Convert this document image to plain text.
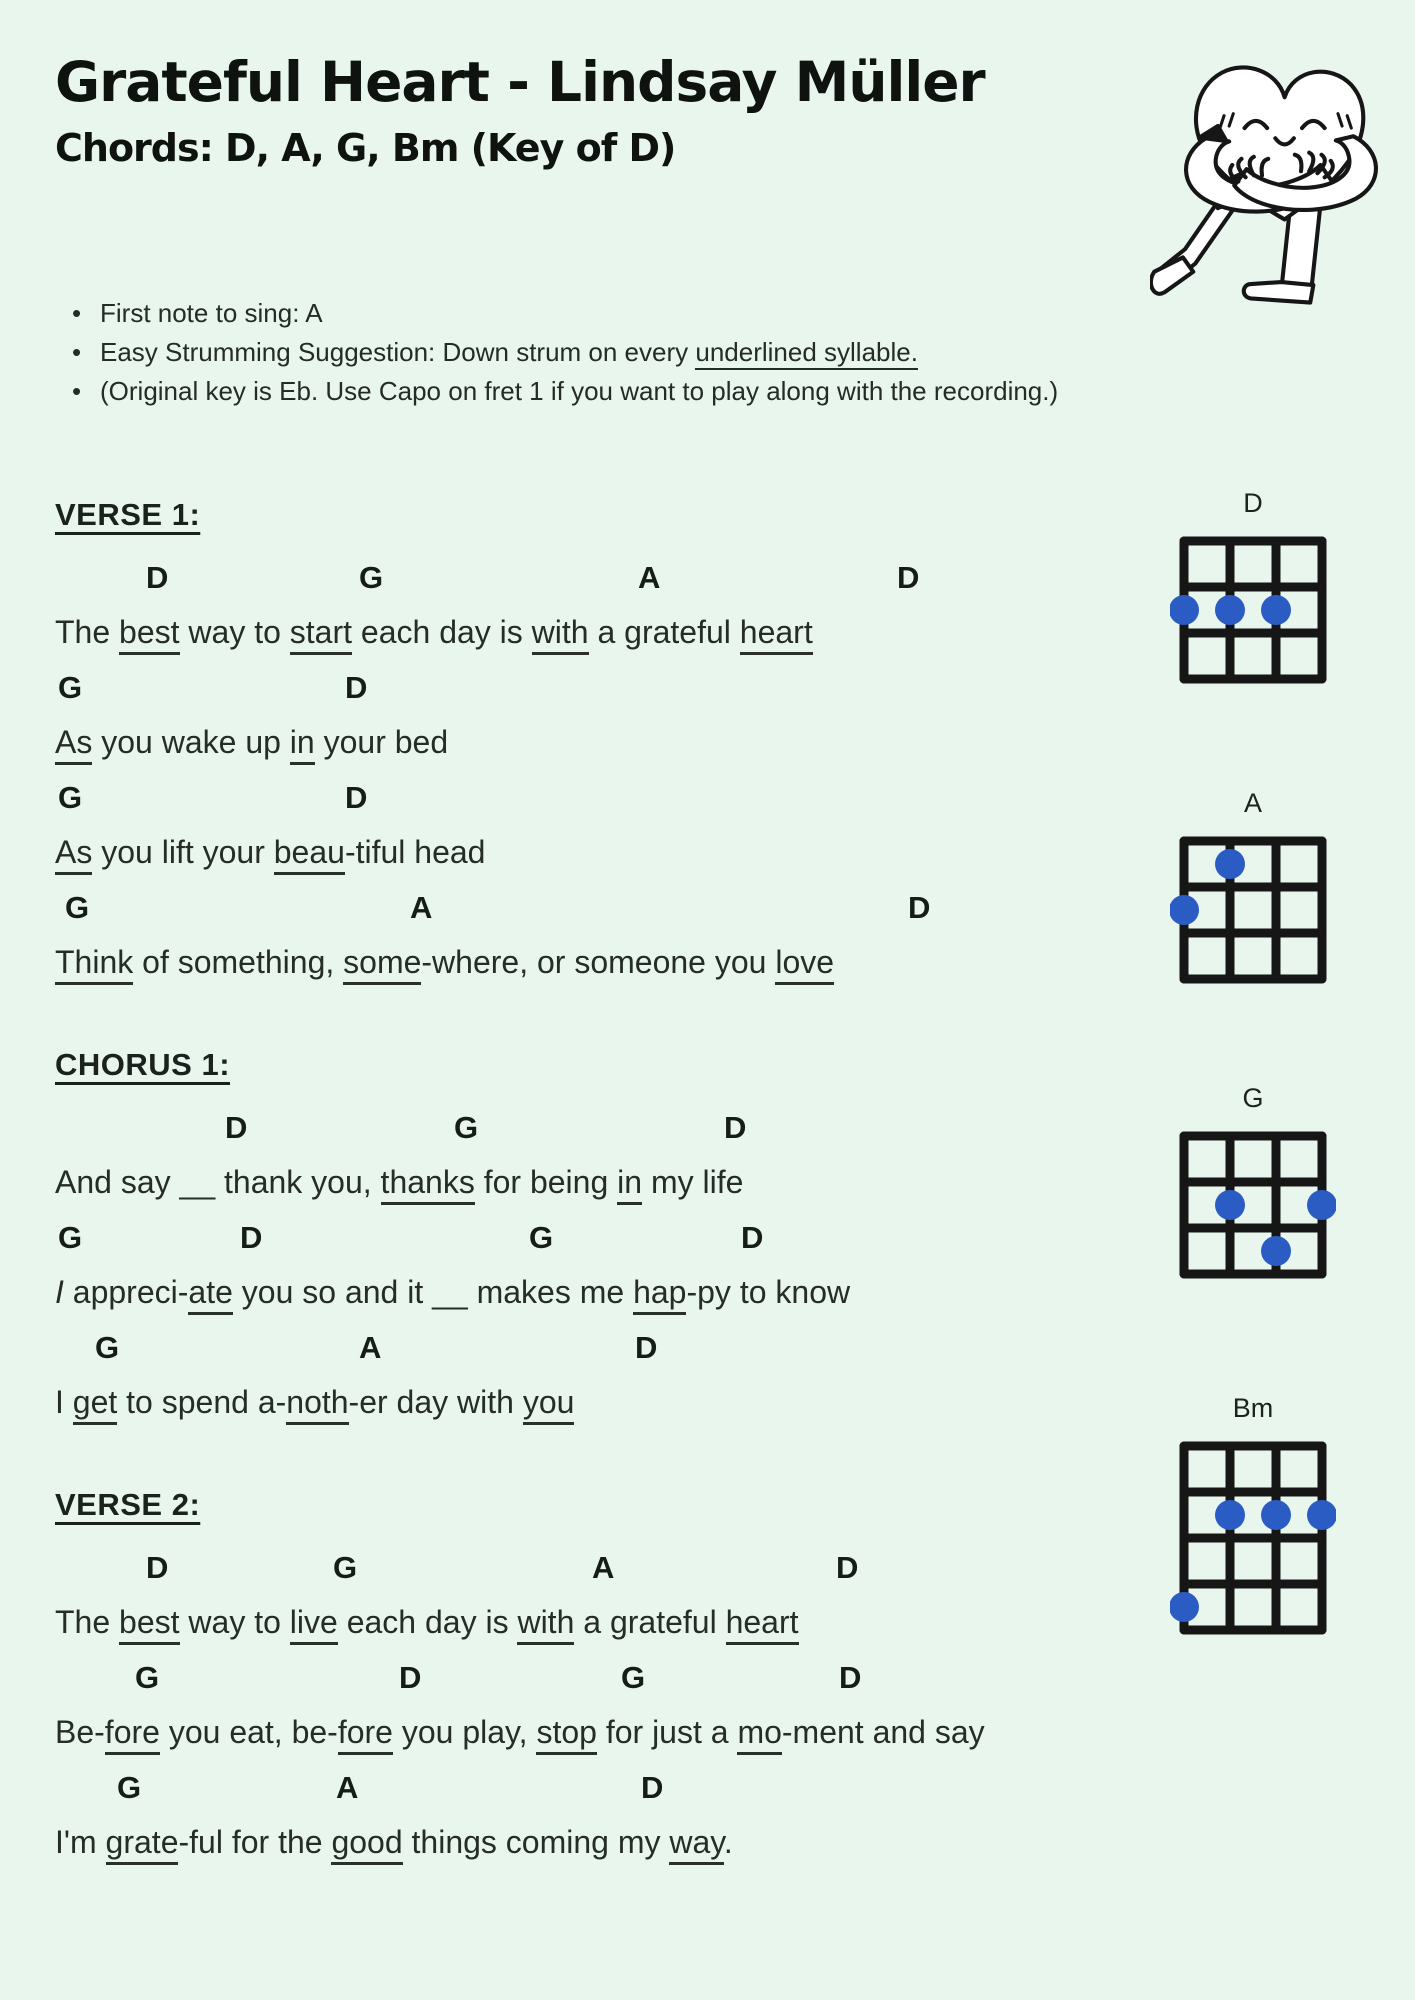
Grateful Heart - Lindsay Müller
Chords: D, A, G, Bm (Key of D)
• First note to sing: A
• Easy Strumming Suggestion: Down strum on every underlined syllable.
• (Original key is Eb. Use Capo on fret 1 if you want to play along with the recording.)
VERSE 1:
D	G	A	D
The best way to start each day is with a grateful heart
G	D
As you wake up in your bed
G	D
As you lift your beau-tiful head
G	A	D
Think of something, some-where, or someone you love
CHORUS 1:
D	G	D
And say __ thank you, thanks for being in my life
G	D	G	D
I appreci-ate you so and it __ makes me hap-py to know
G	A	D
I get to spend a-noth-er day with you
VERSE 2:
D	G	A	D
The best way to live each day is with a grateful heart
G	D	G	D
Be-fore you eat, be-fore you play, stop for just a mo-ment and say
G	A	D
I'm grate-ful for the good things coming my way.
D
A
G
Bm
